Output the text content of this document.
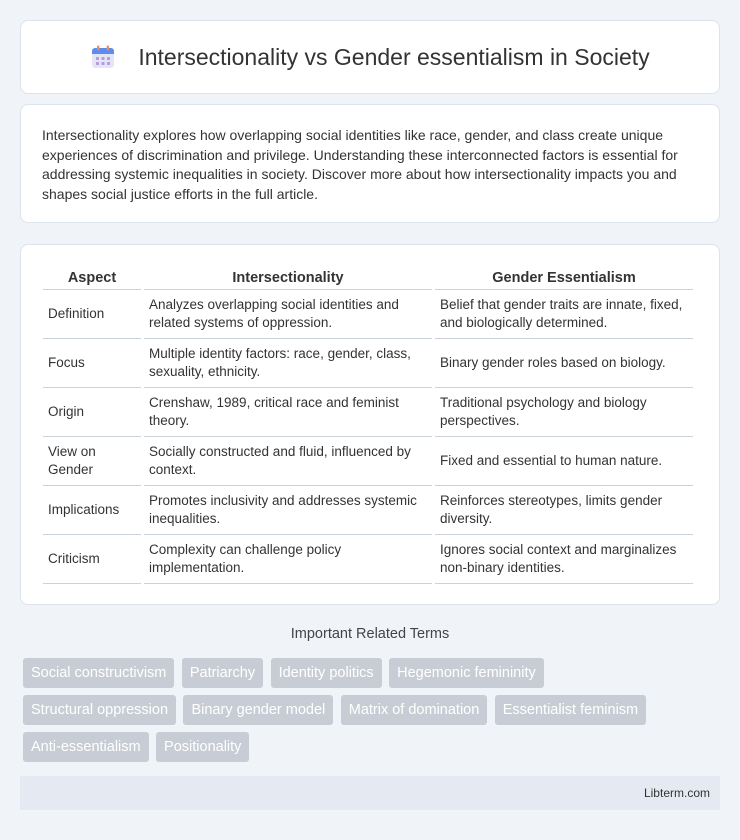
Intersectionality vs Gender essentialism in Society

Intersectionality explores how overlapping social identities like race, gender, and class create unique experiences of discrimination and privilege. Understanding these interconnected factors is essential for addressing systemic inequalities in society. Discover more about how intersectionality impacts you and shapes social justice efforts in the full article.

Aspect	Intersectionality	Gender Essentialism
Definition	Analyzes overlapping social identities and related systems of oppression.	Belief that gender traits are innate, fixed, and biologically determined.
Focus	Multiple identity factors: race, gender, class, sexuality, ethnicity.	Binary gender roles based on biology.
Origin	Crenshaw, 1989, critical race and feminist theory.	Traditional psychology and biology perspectives.
View on Gender	Socially constructed and fluid, influenced by context.	Fixed and essential to human nature.
Implications	Promotes inclusivity and addresses systemic inequalities.	Reinforces stereotypes, limits gender diversity.
Criticism	Complexity can challenge policy implementation.	Ignores social context and marginalizes non-binary identities.
Important Related Terms
Social constructivism Patriarchy Identity politics Hegemonic femininity
Structural oppression Binary gender model Matrix of domination Essentialist feminism
Anti-essentialism Positionality
Libterm.com
